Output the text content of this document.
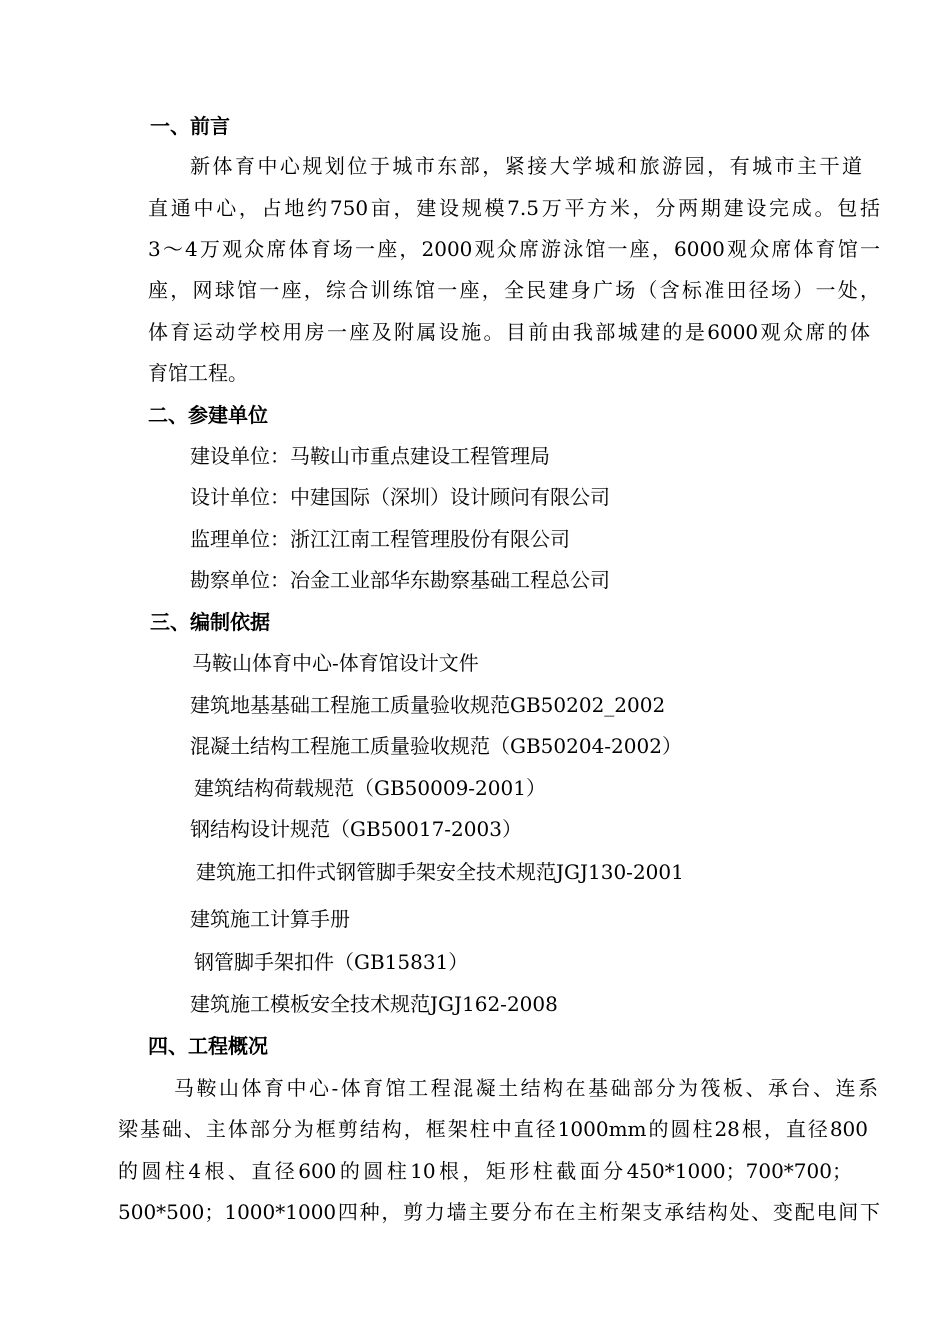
一、前言
新体育中心规划位于城市东部，紧接大学城和旅游园，有城市主干道
直通中心，占地约750亩，建设规模7.5万平方米，分两期建设完成。包括
3～4万观众席体育场一座，2000观众席游泳馆一座，6000观众席体育馆一
座，网球馆一座，综合训练馆一座，全民建身广场（含标准田径场）一处，
体育运动学校用房一座及附属设施。目前由我部城建的是6000观众席的体
育馆工程。
二、参建单位
建设单位：马鞍山市重点建设工程管理局
设计单位：中建国际（深圳）设计顾问有限公司
监理单位：浙江江南工程管理股份有限公司
勘察单位：冶金工业部华东勘察基础工程总公司
三、编制依据
马鞍山体育中心-体育馆设计文件
建筑地基基础工程施工质量验收规范GB50202_2002
混凝土结构工程施工质量验收规范（GB50204-2002）
建筑结构荷载规范（GB50009-2001）
钢结构设计规范（GB50017-2003）
建筑施工扣件式钢管脚手架安全技术规范JGJ130-2001
建筑施工计算手册
钢管脚手架扣件（GB15831）
建筑施工模板安全技术规范JGJ162-2008
四、工程概况
马鞍山体育中心-体育馆工程混凝土结构在基础部分为筏板、承台、连系
梁基础、主体部分为框剪结构，框架柱中直径1000mm的圆柱28根，直径800
的圆柱4根、直径600的圆柱10根，矩形柱截面分450*1000；700*700；
500*500；1000*1000四种，剪力墙主要分布在主桁架支承结构处、变配电间下
